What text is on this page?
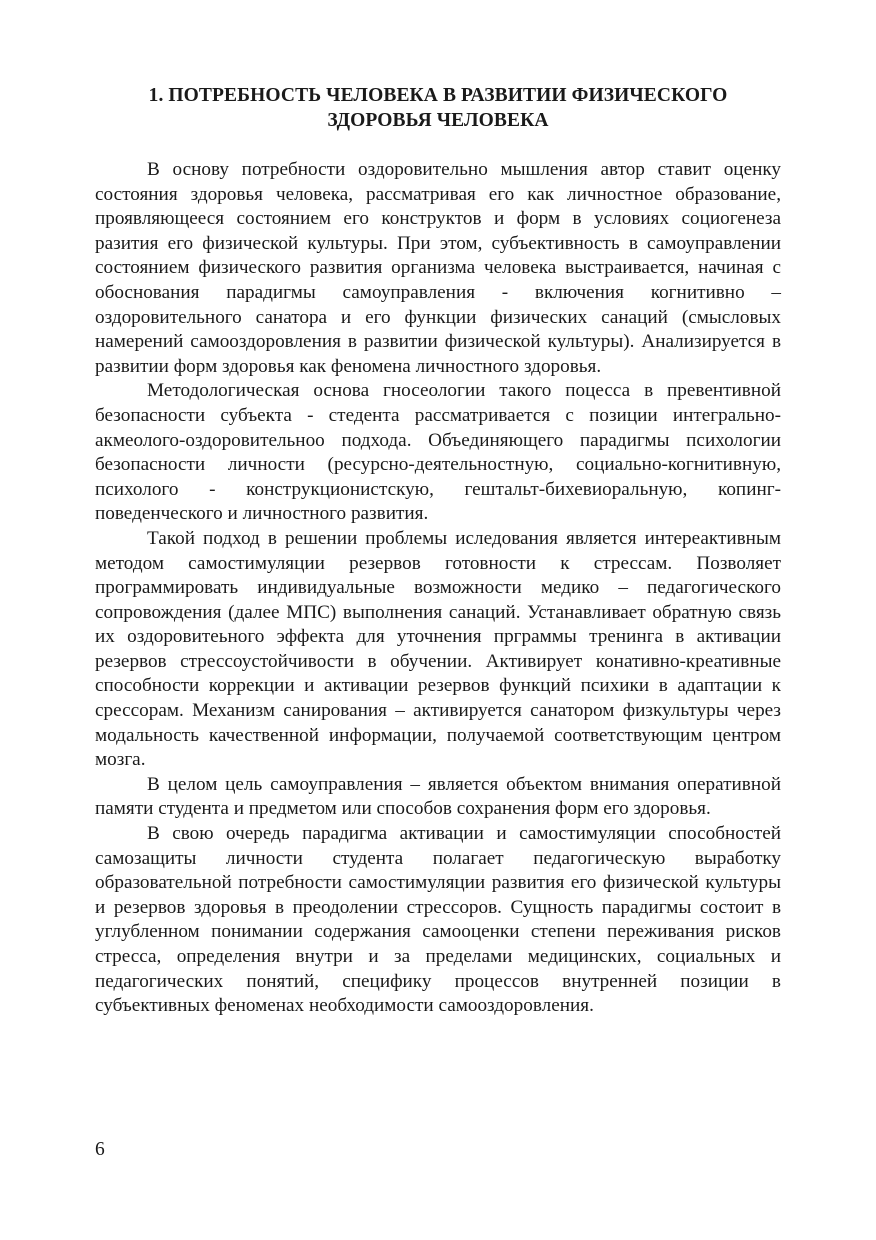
1. ПОТРЕБНОСТЬ ЧЕЛОВЕКА В РАЗВИТИИ ФИЗИЧЕСКОГО
ЗДОРОВЬЯ ЧЕЛОВЕКА

В основу потребности оздоровительно мышления автор ставит оценку состояния здоровья человека, рассматривая его как личностное образование, проявляющееся состоянием его конструктов и форм в условиях социогенеза разития его физической культуры. При этом, субъективность в самоуправлении состоянием физического развития организма человека выстраивается, начиная с обоснования парадигмы самоуправления - включения когнитивно – оздоровительного санатора и его функции физических санаций (смысловых намерений самооздоровления в развитии физической культуры). Анализируется в развитии форм здоровья как феномена личностного здоровья.

Методологическая основа гносеологии такого поцесса в превентивной безопасности субъекта - стедента рассматривается с позиции интегрально-акмеолого-оздоровительноо подхода. Объединяющего парадигмы психологии безопасности личности (ресурсно-деятельностную, социально-когнитивную, психолого - конструкционистскую, гештальт-бихевиоральную, копинг-поведенческого и личностного развития.

Такой подход в решении проблемы иследования является интереактивным методом самостимуляции резервов готовности к стрессам. Позволяет программировать индивидуальные возможности медико – педагогического сопровождения (далее МПС) выполнения санаций. Устанавливает обратную связь их оздоровитеьного эффекта для уточнения прграммы тренинга в активации резервов стрессоустойчивости в обучении. Активирует конативно-креативные способности коррекции и активации резервов функций психики в адаптации к срессорам. Механизм санирования – активируется санатором физкультуры через модальность качественной информации, получаемой соответствующим центром мозга.

В целом цель самоуправления – является объектом внимания оперативной памяти студента и предметом или способов сохранения форм его здоровья.

В свою очередь парадигма активации и самостимуляции способностей самозащиты личности студента полагает педагогическую выработку образовательной потребности самостимуляции развития его физической культуры и резервов здоровья в преодолении стрессоров. Сущность парадигмы состоит в углубленном понимании содержания самооценки степени переживания рисков стресса, определения внутри и за пределами медицинских, социальных и педагогических понятий, специфику процессов внутренней позиции в субъективных феноменах необходимости самооздоровления.

6
